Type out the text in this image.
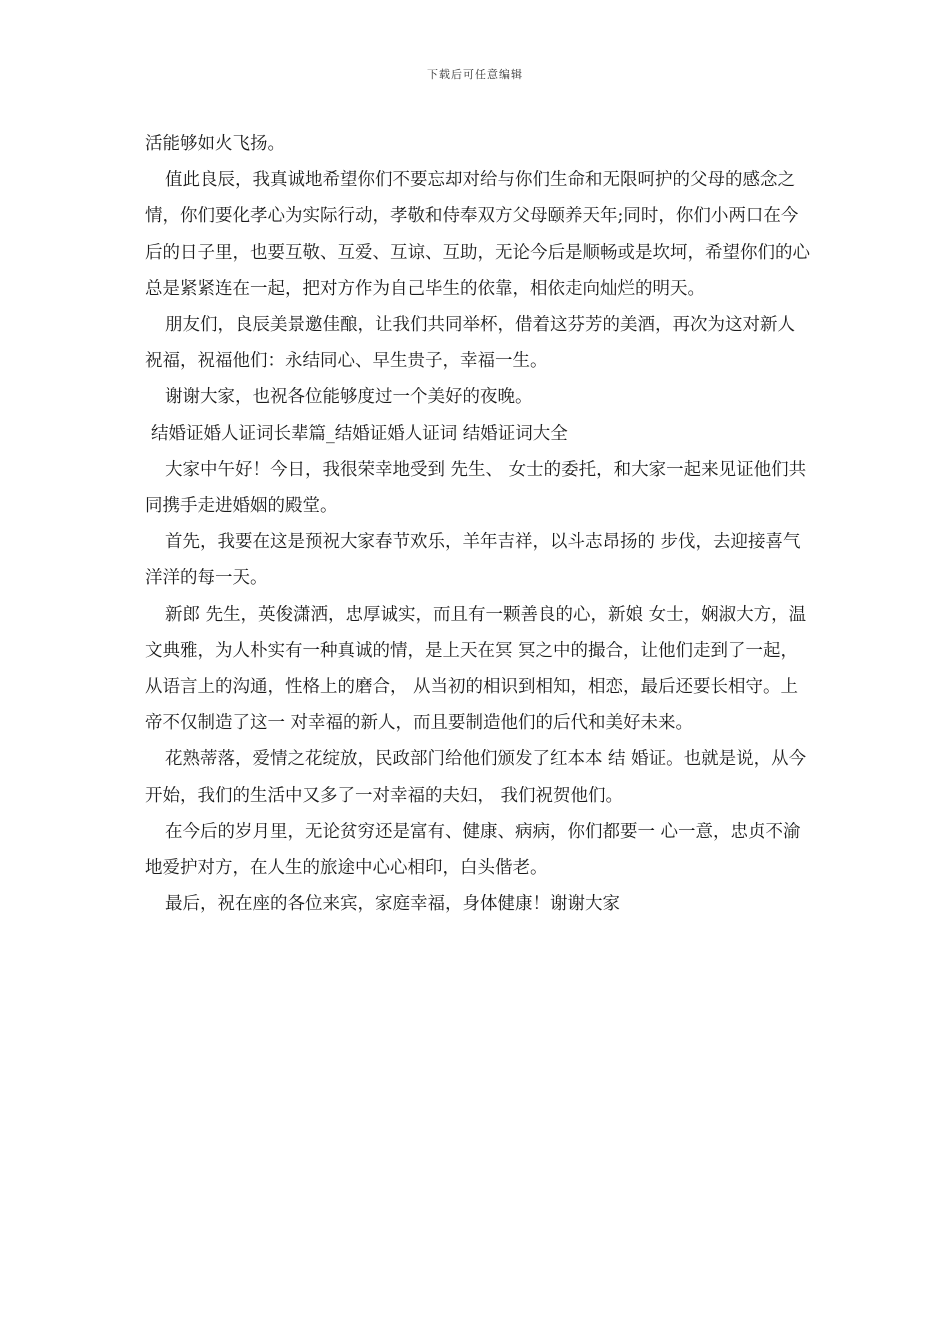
下载后可任意编辑

活能够如火飞扬。

值此良辰，我真诚地希望你们不要忘却对给与你们生命和无限呵护的父母的感念之情，你们要化孝心为实际行动，孝敬和侍奉双方父母颐养天年;同时，你们小两口在今后的日子里，也要互敬、互爱、互谅、互助，无论今后是顺畅或是坎坷，希望你们的心总是紧紧连在一起，把对方作为自己毕生的依靠，相依走向灿烂的明天。

朋友们，良辰美景邀佳酿，让我们共同举杯，借着这芬芳的美酒，再次为这对新人祝福，祝福他们：永结同心、早生贵子，幸福一生。

谢谢大家，也祝各位能够度过一个美好的夜晚。

结婚证婚人证词长辈篇_结婚证婚人证词 结婚证词大全

大家中午好！今日，我很荣幸地受到 先生、 女士的委托，和大家一起来见证他们共同携手走进婚姻的殿堂。

首先，我要在这是预祝大家春节欢乐，羊年吉祥，以斗志昂扬的 步伐，去迎接喜气洋洋的每一天。

新郎 先生，英俊潇洒，忠厚诚实，而且有一颗善良的心，新娘 女士，娴淑大方，温文典雅，为人朴实有一种真诚的情，是上天在冥 冥之中的撮合，让他们走到了一起，从语言上的沟通，性格上的磨合， 从当初的相识到相知，相恋，最后还要长相守。上帝不仅制造了这一 对幸福的新人，而且要制造他们的后代和美好未来。

花熟蒂落，爱情之花绽放，民政部门给他们颁发了红本本 结 婚证。也就是说，从今开始，我们的生活中又多了一对幸福的夫妇， 我们祝贺他们。

在今后的岁月里，无论贫穷还是富有、健康、病病，你们都要一 心一意，忠贞不渝地爱护对方，在人生的旅途中心心相印，白头偕老。

最后，祝在座的各位来宾，家庭幸福，身体健康！谢谢大家
